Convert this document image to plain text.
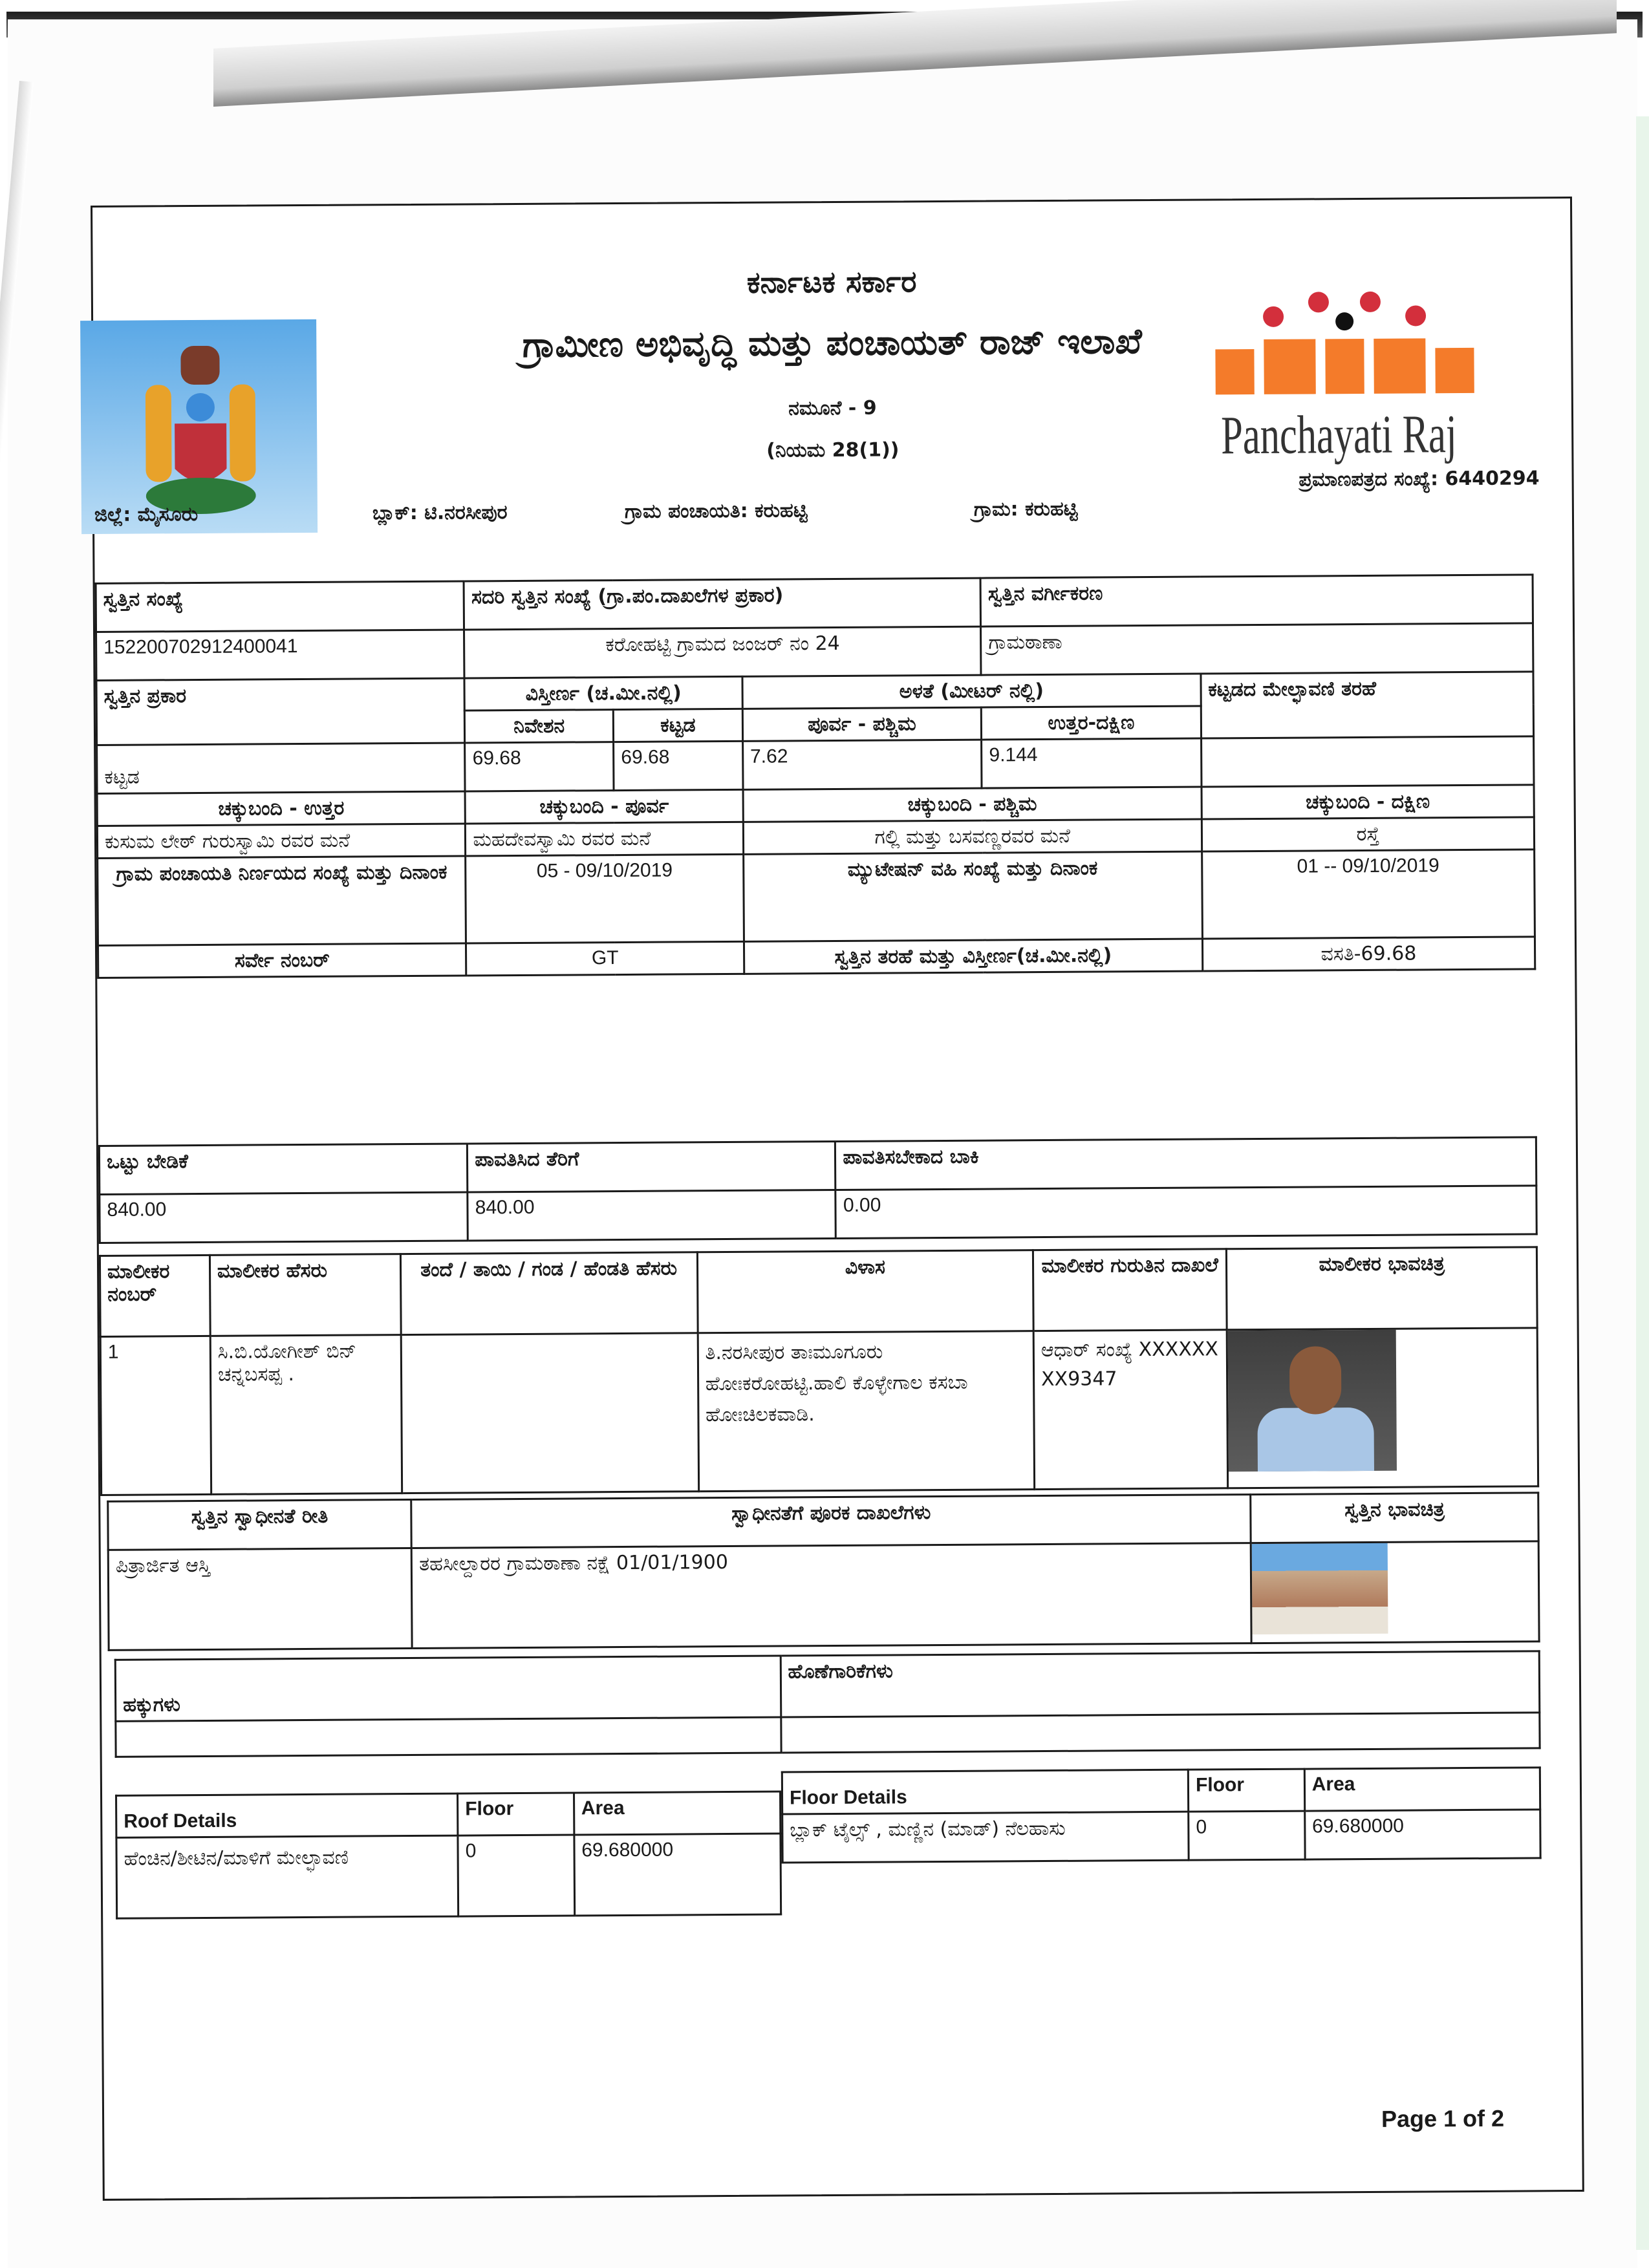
Panchayati Raj
ಕರ್ನಾಟಕ ಸರ್ಕಾರ
ಗ್ರಾಮೀಣ ಅಭಿವೃದ್ಧಿ ಮತ್ತು ಪಂಚಾಯತ್ ರಾಜ್ ಇಲಾಖೆ
ನಮೂನೆ - 9
(ನಿಯಮ 28(1))
ಜಿಲ್ಲೆ: ಮೈಸೂರು	ಬ್ಲಾಕ್: ಟಿ.ನರಸೀಪುರ	ಗ್ರಾಮ ಪಂಚಾಯತಿ: ಕರುಹಟ್ಟಿ	ಗ್ರಾಮ: ಕರುಹಟ್ಟಿ
ಪ್ರಮಾಣಪತ್ರದ ಸಂಖ್ಯೆ: 6440294
ಸ್ವತ್ತಿನ ಸಂಖ್ಯೆ	ಸದರಿ ಸ್ವತ್ತಿನ ಸಂಖ್ಯೆ (ಗ್ರಾ.ಪಂ.ದಾಖಲೆಗಳ ಪ್ರಕಾರ)			ಸ್ವತ್ತಿನ ವರ್ಗೀಕರಣ	
152200702912400041	ಕರೋಹಟ್ಟಿ ಗ್ರಾಮದ ಜಂಜರ್ ನಂ 24			ಗ್ರಾಮಠಾಣಾ	
ಸ್ವತ್ತಿನ ಪ್ರಕಾರ	ವಿಸ್ತೀರ್ಣ (ಚ.ಮೀ.ನಲ್ಲಿ)		ಅಳತೆ (ಮೀಟರ್ ನಲ್ಲಿ)		ಕಟ್ಟಡದ ಮೇಲ್ಛಾವಣಿ ತರಹೆ
	ನಿವೇಶನ	ಕಟ್ಟಡ	ಪೂರ್ವ - ಪಶ್ಚಿಮ	ಉತ್ತರ-ದಕ್ಷಿಣ	
ಕಟ್ಟಡ	69.68	69.68	7.62	9.144	
ಚಕ್ಕುಬಂದಿ - ಉತ್ತರ	ಚಕ್ಕುಬಂದಿ - ಪೂರ್ವ		ಚಕ್ಕುಬಂದಿ - ಪಶ್ಚಿಮ		ಚಕ್ಕುಬಂದಿ - ದಕ್ಷಿಣ
ಕುಸುಮ ಲೇಠ್ ಗುರುಸ್ವಾಮಿ ರವರ ಮನೆ	ಮಹದೇವಸ್ವಾಮಿ ರವರ ಮನೆ		ಗಲ್ಲಿ ಮತ್ತು ಬಸವಣ್ಣರವರ ಮನೆ		ರಸ್ತೆ
ಗ್ರಾಮ ಪಂಚಾಯತಿ ನಿರ್ಣಯದ ಸಂಖ್ಯೆ ಮತ್ತು ದಿನಾಂಕ	05 - 09/10/2019		ಮ್ಯುಟೇಷನ್ ವಹಿ ಸಂಖ್ಯೆ ಮತ್ತು ದಿನಾಂಕ		01 -- 09/10/2019
ಸರ್ವೇ ನಂಬರ್	GT		ಸ್ವತ್ತಿನ ತರಹೆ ಮತ್ತು ವಿಸ್ತೀರ್ಣ(ಚ.ಮೀ.ನಲ್ಲಿ)		ವಸತಿ-69.68
ಒಟ್ಟು ಬೇಡಿಕೆ	ಪಾವತಿಸಿದ ತೆರಿಗೆ	ಪಾವತಿಸಬೇಕಾದ ಬಾಕಿ
840.00	840.00	0.00
ಮಾಲೀಕರ ನಂಬರ್	ಮಾಲೀಕರ ಹೆಸರು	ತಂದೆ / ತಾಯಿ / ಗಂಡ / ಹೆಂಡತಿ ಹೆಸರು	ವಿಳಾಸ	ಮಾಲೀಕರ ಗುರುತಿನ ದಾಖಲೆ	ಮಾಲೀಕರ ಭಾವಚಿತ್ರ
1	ಸಿ.ಬಿ.ಯೋಗೀಶ್ ಬಿನ್ ಚನ್ನಬಸಪ್ಪ .		ತಿ.ನರಸೀಪುರ ತಾಃಮೂಗೂರು ಹೋಃಕರೋಹಟ್ಟಿ.ಹಾಲಿ ಕೊಳ್ಳೇಗಾಲ ಕಸಬಾ ಹೋಃಚಿಲಕವಾಡಿ.	ಆಧಾರ್ ಸಂಖ್ಯೆ XXXXXXXX9347	
ಸ್ವತ್ತಿನ ಸ್ವಾಧೀನತೆ ರೀತಿ	ಸ್ವಾಧೀನತೆಗೆ ಪೂರಕ ದಾಖಲೆಗಳು	ಸ್ವತ್ತಿನ ಭಾವಚಿತ್ರ
ಪಿತ್ರಾರ್ಜಿತ ಆಸ್ತಿ	ತಹಸೀಲ್ದಾರರ ಗ್ರಾಮಠಾಣಾ ನಕ್ಷೆ 01/01/1900	
ಹಕ್ಕುಗಳು	ಹೊಣೆಗಾರಿಕೆಗಳು

Roof Details	Floor	Area
ಹೆಂಚಿನ/ಶೀಟಿನ/ಮಾಳಿಗೆ ಮೇಲ್ಛಾವಣಿ	0	69.680000
Floor Details	Floor	Area
ಬ್ಲಾಕ್ ಟೈಲ್ಸ್ , ಮಣ್ಣಿನ (ಮಾಡ್) ನೆಲಹಾಸು	0	69.680000
Page 1 of 2
